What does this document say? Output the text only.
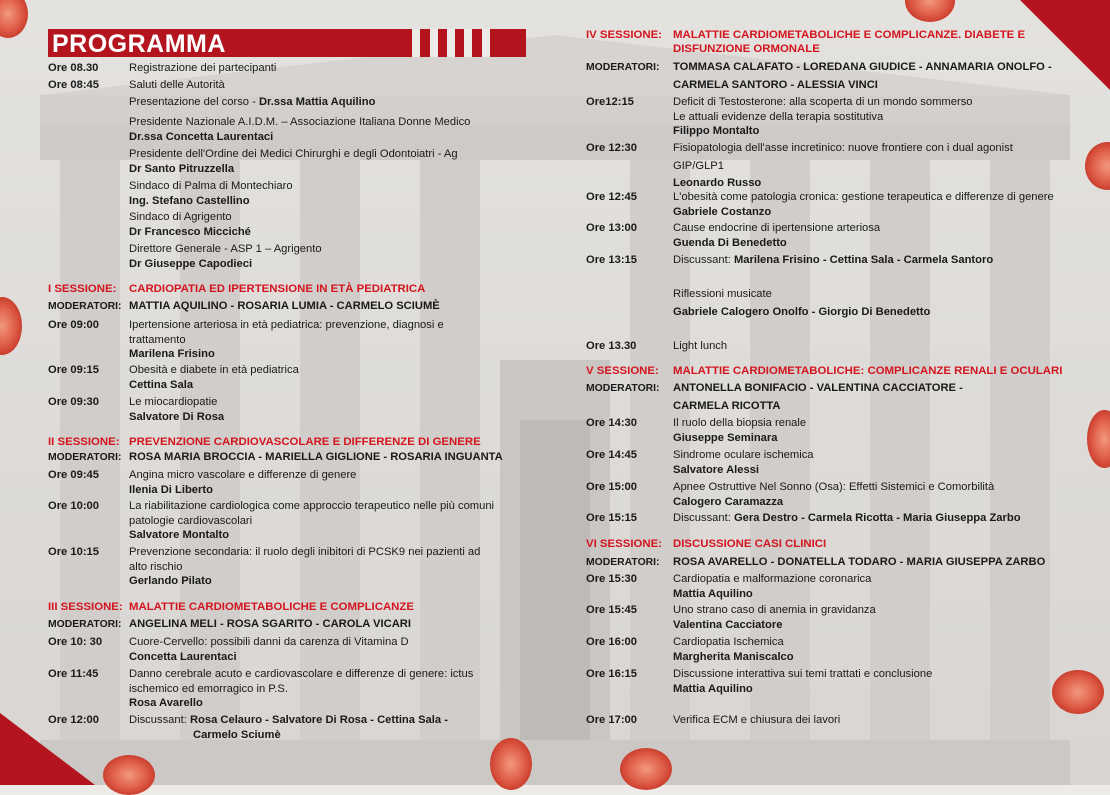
PROGRAMMA
Ore 08.30	Registrazione dei partecipanti
Ore 08:45	Saluti delle Autorità
Presentazione del corso - Dr.ssa Mattia Aquilino
Presidente Nazionale A.I.D.M. – Associazione Italiana Donne Medico
Dr.ssa Concetta Laurentaci
Presidente dell'Ordine dei Medici Chirurghi e degli Odontoiatri - Ag
Dr Santo Pitruzzella
Sindaco di Palma di Montechiaro
Ing. Stefano Castellino
Sindaco di Agrigento
Dr Francesco Micciché
Direttore Generale - ASP 1 – Agrigento
Dr Giuseppe Capodieci
I SESSIONE: CARDIOPATIA ED IPERTENSIONE IN ETÀ PEDIATRICA
MODERATORI: MATTIA AQUILINO - ROSARIA LUMIA - CARMELO SCIUMÈ
Ore 09:00	Ipertensione arteriosa in età pediatrica: prevenzione, diagnosi e
trattamento
Marilena Frisino
Ore 09:15	Obesità e diabete in età pediatrica
Cettina Sala
Ore 09:30	Le miocardiopatie
Salvatore Di Rosa
II SESSIONE: PREVENZIONE CARDIOVASCOLARE E DIFFERENZE DI GENERE
MODERATORI: ROSA MARIA BROCCIA - MARIELLA GIGLIONE - ROSARIA INGUANTA
Ore 09:45	Angina micro vascolare e differenze di genere
Ilenia Di Liberto
Ore 10:00	La riabilitazione cardiologica come approccio terapeutico nelle più comuni
patologie cardiovascolari
Salvatore Montalto
Ore 10:15	Prevenzione secondaria: il ruolo degli inibitori di PCSK9 nei pazienti ad
alto rischio
Gerlando Pilato
III SESSIONE: MALATTIE CARDIOMETABOLICHE E COMPLICANZE
MODERATORI: ANGELINA MELI - ROSA SGARITO - CAROLA VICARI
Ore 10: 30 Cuore-Cervello: possibili danni da carenza di Vitamina D
Concetta Laurentaci
Ore 11:45	Danno cerebrale acuto e cardiovascolare e differenze di genere: ictus
ischemico ed emorragico in P.S.
Rosa Avarello
Ore 12:00	Discussant: Rosa Celauro - Salvatore Di Rosa - Cettina Sala -
Carmelo Sciumè
IV SESSIONE: MALATTIE CARDIOMETABOLICHE E COMPLICANZE. DIABETE E
DISFUNZIONE ORMONALE
MODERATORI: TOMMASA CALAFATO - LOREDANA GIUDICE - ANNAMARIA ONOLFO -
CARMELA SANTORO - ALESSIA VINCI
Ore12:15	Deficit di Testosterone: alla scoperta di un mondo sommerso
Le attuali evidenze della terapia sostitutiva
Filippo Montalto
Ore 12:30	Fisiopatologia dell'asse incretinico: nuove frontiere con i dual agonist
GIP/GLP1
Leonardo Russo
Ore 12:45	L'obesità come patologia cronica: gestione terapeutica e differenze di genere
Gabriele Costanzo
Ore 13:00	Cause endocrine di ipertensione arteriosa
Guenda Di Benedetto
Ore 13:15	Discussant: Marilena Frisino - Cettina Sala - Carmela Santoro
Riflessioni musicate
Gabriele Calogero Onolfo - Giorgio Di Benedetto
Ore 13.30	Light lunch
V SESSIONE: MALATTIE CARDIOMETABOLICHE: COMPLICANZE RENALI E OCULARI
MODERATORI: ANTONELLA BONIFACIO - VALENTINA CACCIATORE -
CARMELA RICOTTA
Ore 14:30	Il ruolo della biopsia renale
Giuseppe Seminara
Ore 14:45	Sindrome oculare ischemica
Salvatore Alessi
Ore 15:00	Apnee Ostruttive Nel Sonno (Osa): Effetti Sistemici e Comorbilità
Calogero Caramazza
Ore 15:15	Discussant: Gera Destro - Carmela Ricotta - Maria Giuseppa Zarbo
VI SESSIONE: DISCUSSIONE CASI CLINICI
MODERATORI: ROSA AVARELLO - DONATELLA TODARO - MARIA GIUSEPPA ZARBO
Ore 15:30	Cardiopatia e malformazione coronarica
Mattia Aquilino
Ore 15:45	Uno strano caso di anemia in gravidanza
Valentina Cacciatore
Ore 16:00	Cardiopatia Ischemica
Margherita Maniscalco
Ore 16:15	Discussione interattiva sui temi trattati e conclusione
Mattia Aquilino
Ore 17:00	Verifica ECM e chiusura dei lavori
